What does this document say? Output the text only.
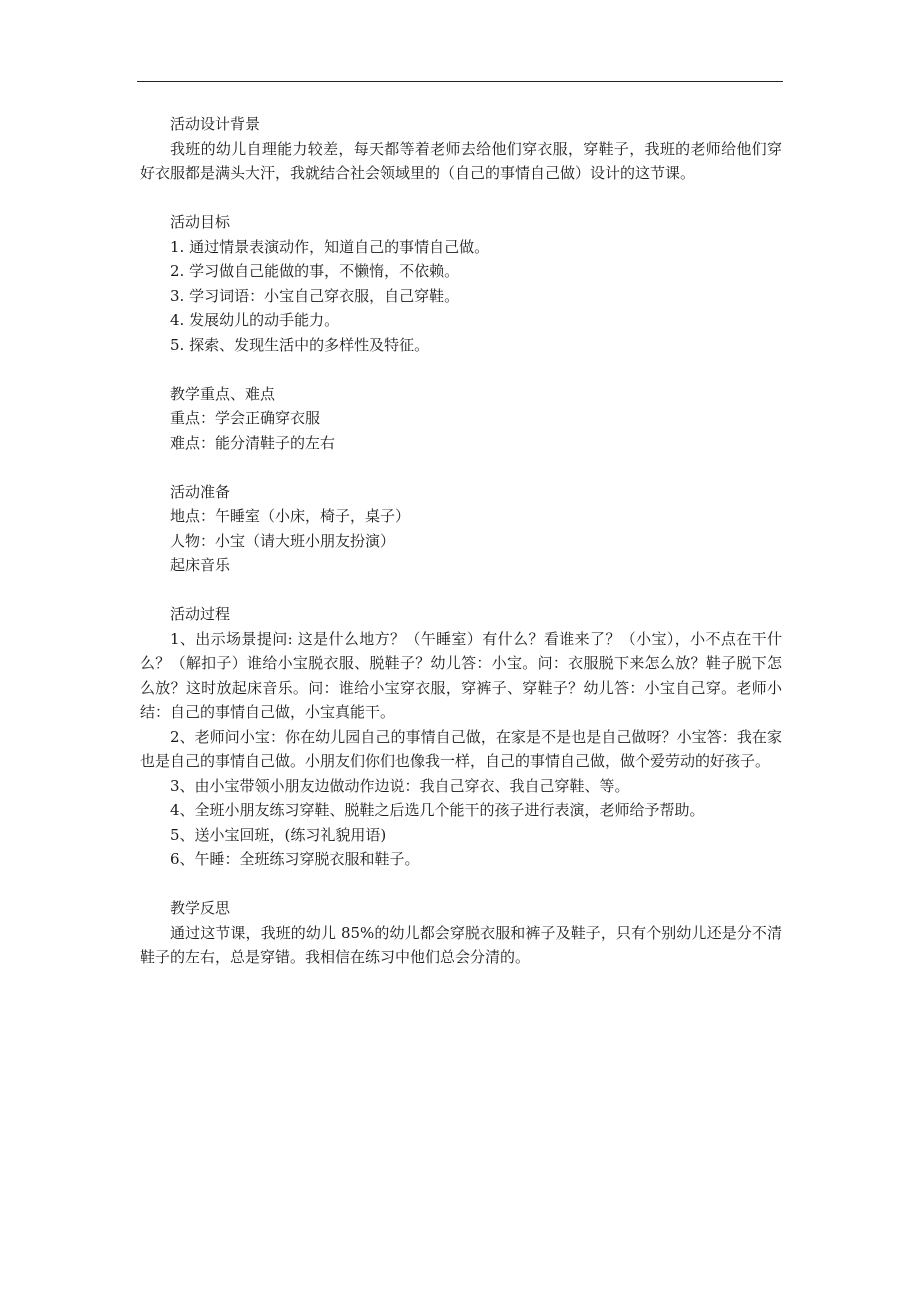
活动设计背景

我班的幼儿自理能力较差，每天都等着老师去给他们穿衣服，穿鞋子，我班的老师给他们穿好衣服都是满头大汗，我就结合社会领域里的（自己的事情自己做）设计的这节课。

活动目标

1. 通过情景表演动作，知道自己的事情自己做。

2. 学习做自己能做的事，不懒惰，不依赖。

3. 学习词语：小宝自己穿衣服，自己穿鞋。

4. 发展幼儿的动手能力。

5. 探索、发现生活中的多样性及特征。

教学重点、难点

重点：学会正确穿衣服

难点：能分清鞋子的左右

活动准备

地点：午睡室（小床，椅子，桌子）

人物：小宝（请大班小朋友扮演）

起床音乐

活动过程

1、出示场景提问: 这是什么地方？（午睡室）有什么？看谁来了？（小宝），小不点在干什么？（解扣子）谁给小宝脱衣服、脱鞋子？幼儿答：小宝。问：衣服脱下来怎么放？鞋子脱下怎么放？这时放起床音乐。问：谁给小宝穿衣服，穿裤子、穿鞋子？幼儿答：小宝自己穿。老师小结：自己的事情自己做，小宝真能干。

2、老师问小宝：你在幼儿园自己的事情自己做，在家是不是也是自己做呀？小宝答：我在家也是自己的事情自己做。小朋友们你们也像我一样，自己的事情自己做，做个爱劳动的好孩子。

3、由小宝带领小朋友边做动作边说：我自己穿衣、我自己穿鞋、等。

4、全班小朋友练习穿鞋、脱鞋之后选几个能干的孩子进行表演，老师给予帮助。

5、送小宝回班，(练习礼貌用语)

6、午睡：全班练习穿脱衣服和鞋子。

教学反思

通过这节课，我班的幼儿 85%的幼儿都会穿脱衣服和裤子及鞋子，只有个别幼儿还是分不清鞋子的左右，总是穿错。我相信在练习中他们总会分清的。
